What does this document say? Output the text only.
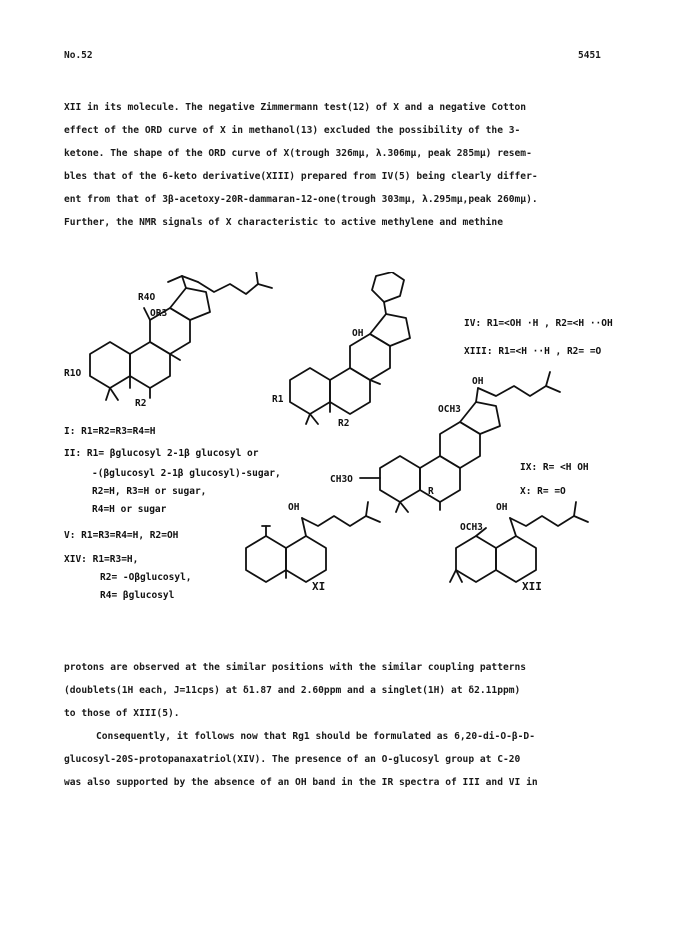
No.52	5451

XII in its molecule. The negative Zimmermann test(12) of X and a negative Cotton

effect of the ORD curve of X in methanol(13) excluded the possibility of the 3-

ketone. The shape of the ORD curve of X(trough 326mμ, λ.306mμ, peak 285mμ) resem-

bles that of the 6-keto derivative(XIII) prepared from IV(5) being clearly differ-

ent from that of 3β-acetoxy-20R-dammaran-12-one(trough 303mμ, λ.295mμ,peak 260mμ).

Further, the NMR signals of X characteristic to active methylene and methine

R4O
OR3
R1O
R2
OH
R1
R2
IV: R1=<OH ·H , R2=<H ··OH
XIII: R1=<H ··H , R2= =O
OH
OCH3
CH3O
R
IX: R= <H OH
X: R= =O
I: R1=R2=R3=R4=H
II: R1= βglucosyl 2-1β glucosyl or
-(βglucosyl 2-1β glucosyl)-sugar,
R2=H, R3=H or sugar,
R4=H or sugar
V: R1=R3=R4=H, R2=OH
XIV: R1=R3=H,
R2= -Oβglucosyl,
R4= βglucosyl
OH
XI
OH
OCH3
XII

protons are observed at the similar positions with the similar coupling patterns

(doublets(1H each, J=11cps) at δ1.87 and 2.60ppm and a singlet(1H) at δ2.11ppm)

to those of XIII(5).

Consequently, it follows now that Rg1 should be formulated as 6,20-di-O-β-D-

glucosyl-20S-protopanaxatriol(XIV). The presence of an O-glucosyl group at C-20

was also supported by the absence of an OH band in the IR spectra of III and VI in
